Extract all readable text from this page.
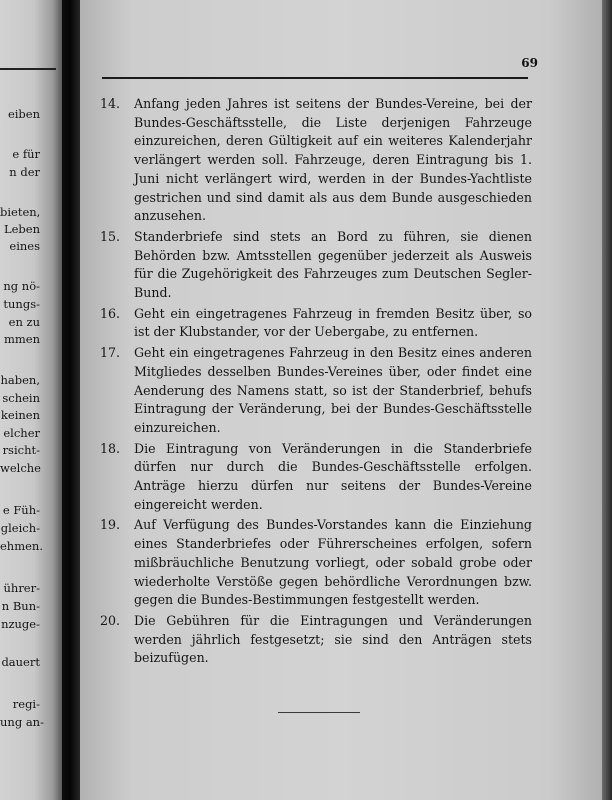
eiben
e für
n der
bieten,
Leben
eines
ng nö-
tungs-
en zu
mmen
haben,
schein
keinen
elcher
rsicht-
welche
e Füh-
gleich-
ehmen.
ührer-
n Bun-
nzuge-
dauert
regi-
ung an-
69
14. Anfang jeden Jahres ist seitens der Bundes-Vereine, bei der Bundes-Geschäftsstelle, die Liste derjenigen Fahrzeuge einzureichen, deren Gültigkeit auf ein weiteres Kalenderjahr verlängert werden soll. Fahrzeuge, deren Eintragung bis 1. Juni nicht verlängert wird, werden in der Bundes-Yachtliste gestrichen und sind damit als aus dem Bunde ausgeschieden anzusehen.
15. Standerbriefe sind stets an Bord zu führen, sie dienen Behörden bzw. Amtsstellen gegenüber jederzeit als Ausweis für die Zugehörigkeit des Fahrzeuges zum Deutschen Segler-Bund.
16. Geht ein eingetragenes Fahrzeug in fremden Besitz über, so ist der Klubstander, vor der Uebergabe, zu entfernen.
17. Geht ein eingetragenes Fahrzeug in den Besitz eines anderen Mitgliedes desselben Bundes-Vereines über, oder findet eine Aenderung des Namens statt, so ist der Standerbrief, behufs Eintragung der Veränderung, bei der Bundes-Geschäftsstelle einzureichen.
18. Die Eintragung von Veränderungen in die Standerbriefe dürfen nur durch die Bundes-Geschäftsstelle erfolgen. Anträge hierzu dürfen nur seitens der Bundes-Vereine eingereicht werden.
19. Auf Verfügung des Bundes-Vorstandes kann die Einziehung eines Standerbriefes oder Führerscheines erfolgen, sofern mißbräuchliche Benutzung vorliegt, oder sobald grobe oder wiederholte Verstöße gegen behördliche Verordnungen bzw. gegen die Bundes-Bestimmungen festgestellt werden.
20. Die Gebühren für die Eintragungen und Veränderungen werden jährlich festgesetzt; sie sind den Anträgen stets beizufügen.
